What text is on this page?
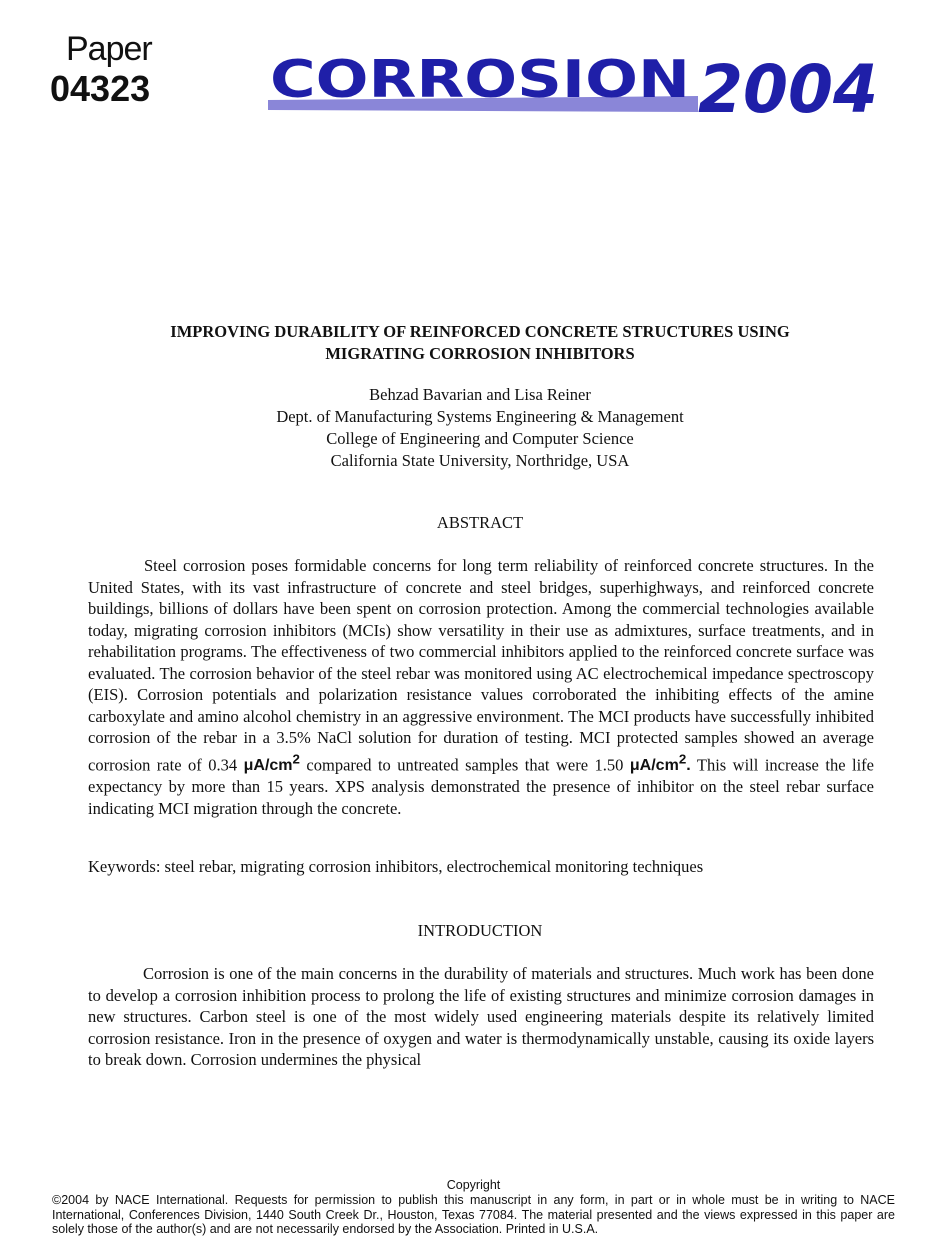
Paper
04323	CORROSION 2004
IMPROVING DURABILITY OF REINFORCED CONCRETE STRUCTURES USING
MIGRATING CORROSION INHIBITORS
Behzad Bavarian and Lisa Reiner
Dept. of Manufacturing Systems Engineering & Management
College of Engineering and Computer Science
California State University, Northridge, USA
ABSTRACT

Steel corrosion poses formidable concerns for long term reliability of reinforced concrete structures. In the United States, with its vast infrastructure of concrete and steel bridges, superhighways, and reinforced concrete buildings, billions of dollars have been spent on corrosion protection. Among the commercial technologies available today, migrating corrosion inhibitors (MCIs) show versatility in their use as admixtures, surface treatments, and in rehabilitation programs. The effectiveness of two commercial inhibitors applied to the reinforced concrete surface was evaluated. The corrosion behavior of the steel rebar was monitored using AC electrochemical impedance spectroscopy (EIS). Corrosion potentials and polarization resistance values corroborated the inhibiting effects of the amine carboxylate and amino alcohol chemistry in an aggressive environment. The MCI products have successfully inhibited corrosion of the rebar in a 3.5% NaCl solution for duration of testing. MCI protected samples showed an average corrosion rate of 0.34 $\mu A/cm^2$ compared to untreated samples that were 1.50 $\mu A/cm^2$. This will increase the life expectancy by more than 15 years. XPS analysis demonstrated the presence of inhibitor on the steel rebar surface indicating MCI migration through the concrete.

Keywords: steel rebar, migrating corrosion inhibitors, electrochemical monitoring techniques

INTRODUCTION

Corrosion is one of the main concerns in the durability of materials and structures. Much work has been done to develop a corrosion inhibition process to prolong the life of existing structures and minimize corrosion damages in new structures. Carbon steel is one of the most widely used engineering materials despite its relatively limited corrosion resistance. Iron in the presence of oxygen and water is thermodynamically unstable, causing its oxide layers to break down. Corrosion undermines the physical

Copyright
©2004 by NACE International. Requests for permission to publish this manuscript in any form, in part or in whole must be in writing to NACE International, Conferences Division, 1440 South Creek Dr., Houston, Texas 77084. The material presented and the views expressed in this paper are solely those of the author(s) and are not necessarily endorsed by the Association. Printed in U.S.A.
